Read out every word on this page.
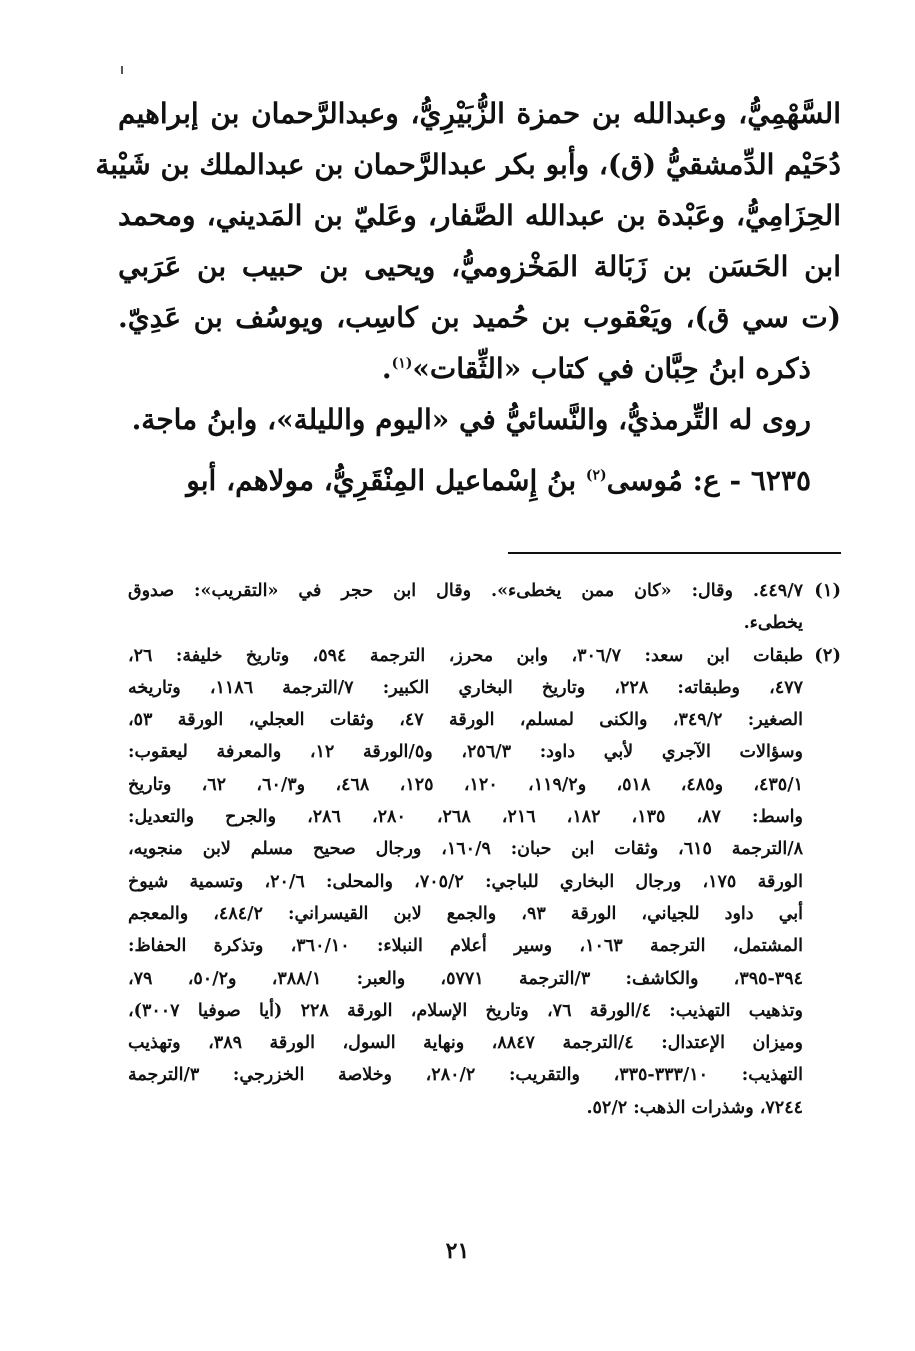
السَّهْمِيُّ، وعبدالله بن حمزة الزُّبَيْرِيُّ، وعبدالرَّحمان بن إبراهيم
دُحَيْم الدِّمشقيُّ (ق)، وأبو بكر عبدالرَّحمان بن عبدالملك بن شَيْبة
الحِزَامِيُّ، وعَبْدة بن عبدالله الصَّفار، وعَليّ بن المَديني، ومحمد
ابن الحَسَن بن زَبَالة المَخْزوميُّ، ويحيى بن حبيب بن عَرَبي
(ت سي ق)، ويَعْقوب بن حُميد بن كاسِب، ويوسُف بن عَدِيّ.
ذكره ابنُ حِبَّان في كتاب «الثِّقات»$^{(١)}$.
روى له التِّرمذيُّ، والنَّسائيُّ في «اليوم والليلة»، وابنُ ماجة.
٦٢٣٥ - ع: مُوسى$^{(٢)}$ بنُ إِسْماعيل المِنْقَرِيُّ، مولاهم، أبو
(١)
٤٤٩/٧. وقال: «كان ممن يخطىء». وقال ابن حجر في «التقريب»: صدوق
يخطىء.
(٢)
طبقات ابن سعد: ٣٠٦/٧، وابن محرز، الترجمة ٥٩٤، وتاريخ خليفة: ٢٦،
٤٧٧، وطبقاته: ٢٢٨، وتاريخ البخاري الكبير: ٧/الترجمة ١١٨٦، وتاريخه
الصغير: ٣٤٩/٢، والكنى لمسلم، الورقة ٤٧، وثقات العجلي، الورقة ٥٣،
وسؤالات الآجري لأبي داود: ٢٥٦/٣، و٥/الورقة ١٢، والمعرفة ليعقوب:
٤٣٥/١، و٤٨٥، ٥١٨، و١١٩/٢، ١٢٠، ١٢٥، ٤٦٨، و٦٠/٣، ٦٢، وتاريخ
واسط: ٨٧، ١٣٥، ١٨٢، ٢١٦، ٢٦٨، ٢٨٠، ٢٨٦، والجرح والتعديل:
٨/الترجمة ٦١٥، وثقات ابن حبان: ١٦٠/٩، ورجال صحيح مسلم لابن منجويه،
الورقة ١٧٥، ورجال البخاري للباجي: ٧٠٥/٢، والمحلى: ٢٠/٦، وتسمية شيوخ
أبي داود للجياني، الورقة ٩٣، والجمع لابن القيسراني: ٤٨٤/٢، والمعجم
المشتمل، الترجمة ١٠٦٣، وسير أعلام النبلاء: ٣٦٠/١٠، وتذكرة الحفاظ:
٣٩٤-٣٩٥، والكاشف: ٣/الترجمة ٥٧٧١، والعبر: ٣٨٨/١، و٥٠/٢، ٧٩،
وتذهيب التهذيب: ٤/الورقة ٧٦، وتاريخ الإسلام، الورقة ٢٢٨ (أيا صوفيا ٣٠٠٧)،
وميزان الإعتدال: ٤/الترجمة ٨٨٤٧، ونهاية السول، الورقة ٣٨٩، وتهذيب
التهذيب: ٣٣٣/١٠-٣٣٥، والتقريب: ٢٨٠/٢، وخلاصة الخزرجي: ٣/الترجمة
٧٢٤٤، وشذرات الذهب: ٥٢/٢.
٢١
